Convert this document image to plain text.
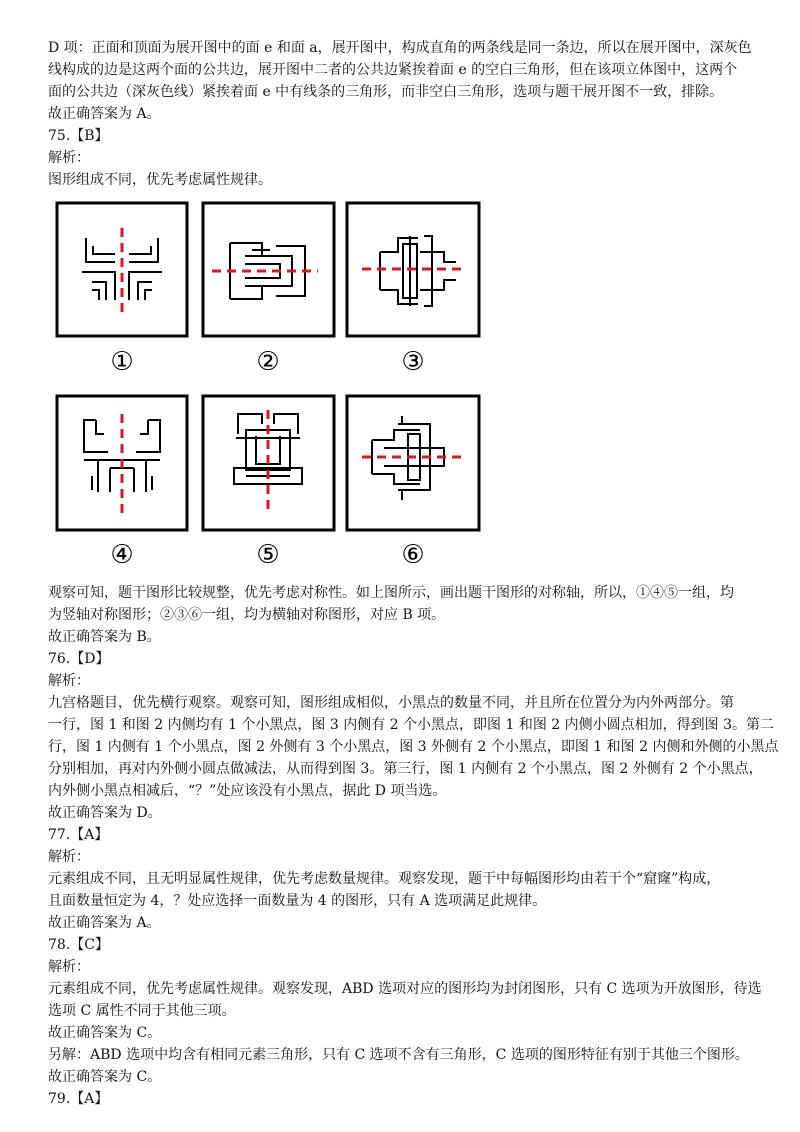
D 项：正面和顶面为展开图中的面 e 和面 a，展开图中，构成直角的两条线是同一条边，所以在展开图中，深灰色

线构成的边是这两个面的公共边，展开图中二者的公共边紧挨着面 e 的空白三角形，但在该项立体图中，这两个

面的公共边（深灰色线）紧挨着面 e 中有线条的三角形，而非空白三角形，选项与题干展开图不一致，排除。

故正确答案为 A。

75.【B】

解析：

图形组成不同，优先考虑属性规律。

①	②	③
④	⑤	⑥

观察可知，题干图形比较规整，优先考虑对称性。如上图所示，画出题干图形的对称轴，所以，①④⑤一组，均

为竖轴对称图形；②③⑥一组，均为横轴对称图形，对应 B 项。

故正确答案为 B。

76.【D】

解析：

九宫格题目，优先横行观察。观察可知，图形组成相似，小黑点的数量不同，并且所在位置分为内外两部分。第

一行，图 1 和图 2 内侧均有 1 个小黑点，图 3 内侧有 2 个小黑点，即图 1 和图 2 内侧小圆点相加，得到图 3。第二

行，图 1 内侧有 1 个小黑点，图 2 外侧有 3 个小黑点，图 3 外侧有 2 个小黑点，即图 1 和图 2 内侧和外侧的小黑点

分别相加，再对内外侧小圆点做减法，从而得到图 3。第三行，图 1 内侧有 2 个小黑点，图 2 外侧有 2 个小黑点，

内外侧小黑点相减后，“？”处应该没有小黑点，据此 D 项当选。

故正确答案为 D。

77.【A】

解析：

元素组成不同，且无明显属性规律，优先考虑数量规律。观察发现，题干中每幅图形均由若干个“窟窿”构成，

且面数量恒定为 4，？处应选择一面数量为 4 的图形，只有 A 选项满足此规律。

故正确答案为 A。

78.【C】

解析：

元素组成不同，优先考虑属性规律。观察发现，ABD 选项对应的图形均为封闭图形，只有 C 选项为开放图形，待选

选项 C 属性不同于其他三项。

故正确答案为 C。

另解：ABD 选项中均含有相同元素三角形，只有 C 选项不含有三角形，C 选项的图形特征有别于其他三个图形。

故正确答案为 C。

79.【A】
